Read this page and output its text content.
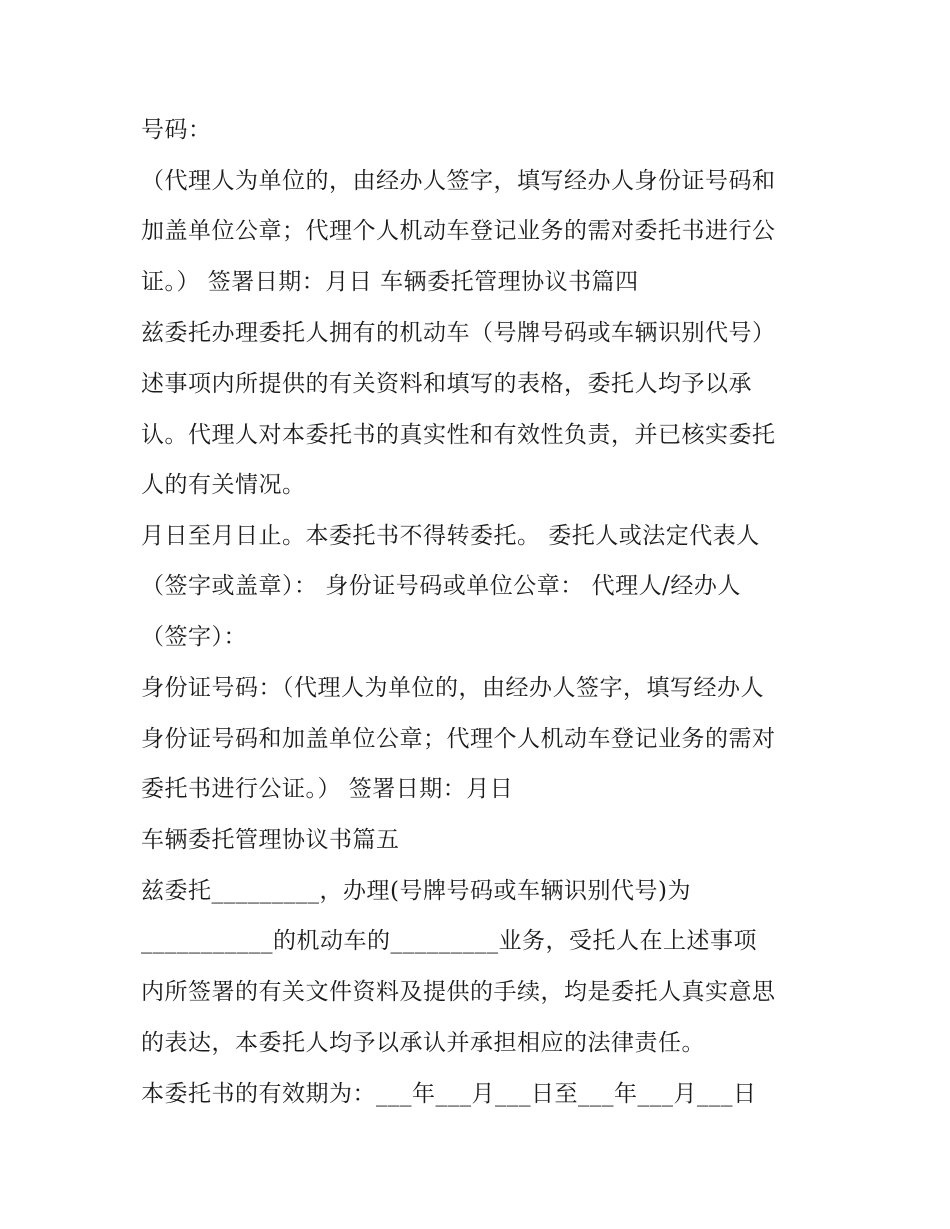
号码：
（代理人为单位的，由经办人签字，填写经办人身份证号码和
加盖单位公章；代理个人机动车登记业务的需对委托书进行公
证。） 签署日期：月日 车辆委托管理协议书篇四
兹委托办理委托人拥有的机动车（号牌号码或车辆识别代号）
述事项内所提供的有关资料和填写的表格，委托人均予以承
认。代理人对本委托书的真实性和有效性负责，并已核实委托
人的有关情况。
月日至月日止。本委托书不得转委托。 委托人或法定代表人
（签字或盖章）： 身份证号码或单位公章： 代理人/经办人
（签字）：
身份证号码：（代理人为单位的，由经办人签字，填写经办人
身份证号码和加盖单位公章；代理个人机动车登记业务的需对
委托书进行公证。） 签署日期：月日
车辆委托管理协议书篇五
兹委托_________，办理(号牌号码或车辆识别代号)为
___________的机动车的_________业务，受托人在上述事项
内所签署的有关文件资料及提供的手续，均是委托人真实意思
的表达，本委托人均予以承认并承担相应的法律责任。
本委托书的有效期为：___年___月___日至___年___月___日
